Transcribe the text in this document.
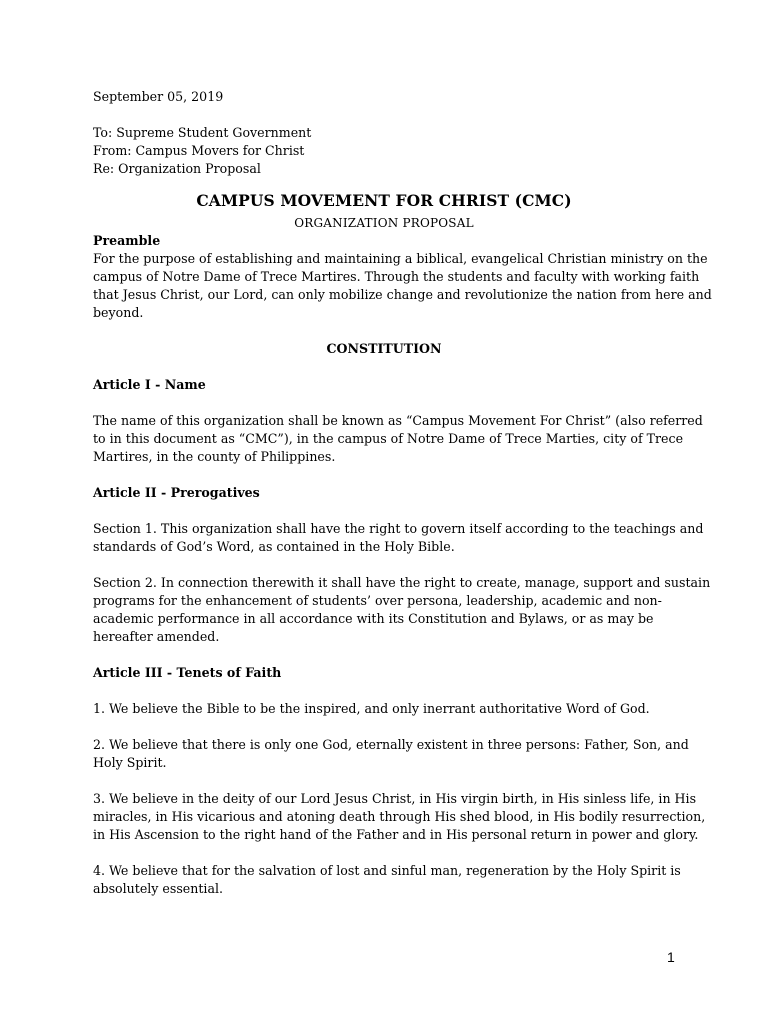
September 05, 2019

To: Supreme Student Government
From: Campus Movers for Christ
Re: Organization Proposal
CAMPUS MOVEMENT FOR CHRIST (CMC)
ORGANIZATION PROPOSAL
Preamble
For the purpose of establishing and maintaining a biblical, evangelical Christian ministry on the
campus of Notre Dame of Trece Martires. Through the students and faculty with working faith
that Jesus Christ, our Lord, can only mobilize change and revolutionize the nation from here and
beyond.
CONSTITUTION
Article I - Name
The name of this organization shall be known as “Campus Movement For Christ” (also referred
to in this document as “CMC”), in the campus of Notre Dame of Trece Marties, city of Trece
Martires, in the county of Philippines.
Article II - Prerogatives
Section 1. This organization shall have the right to govern itself according to the teachings and
standards of God’s Word, as contained in the Holy Bible.
Section 2. In connection therewith it shall have the right to create, manage, support and sustain
programs for the enhancement of students’ over persona, leadership, academic and non-
academic performance in all accordance with its Constitution and Bylaws, or as may be
hereafter amended.
Article III - Tenets of Faith
1. We believe the Bible to be the inspired, and only inerrant authoritative Word of God.
2. We believe that there is only one God, eternally existent in three persons: Father, Son, and
Holy Spirit.
3. We believe in the deity of our Lord Jesus Christ, in His virgin birth, in His sinless life, in His
miracles, in His vicarious and atoning death through His shed blood, in His bodily resurrection,
in His Ascension to the right hand of the Father and in His personal return in power and glory.
4. We believe that for the salvation of lost and sinful man, regeneration by the Holy Spirit is
absolutely essential.
1
